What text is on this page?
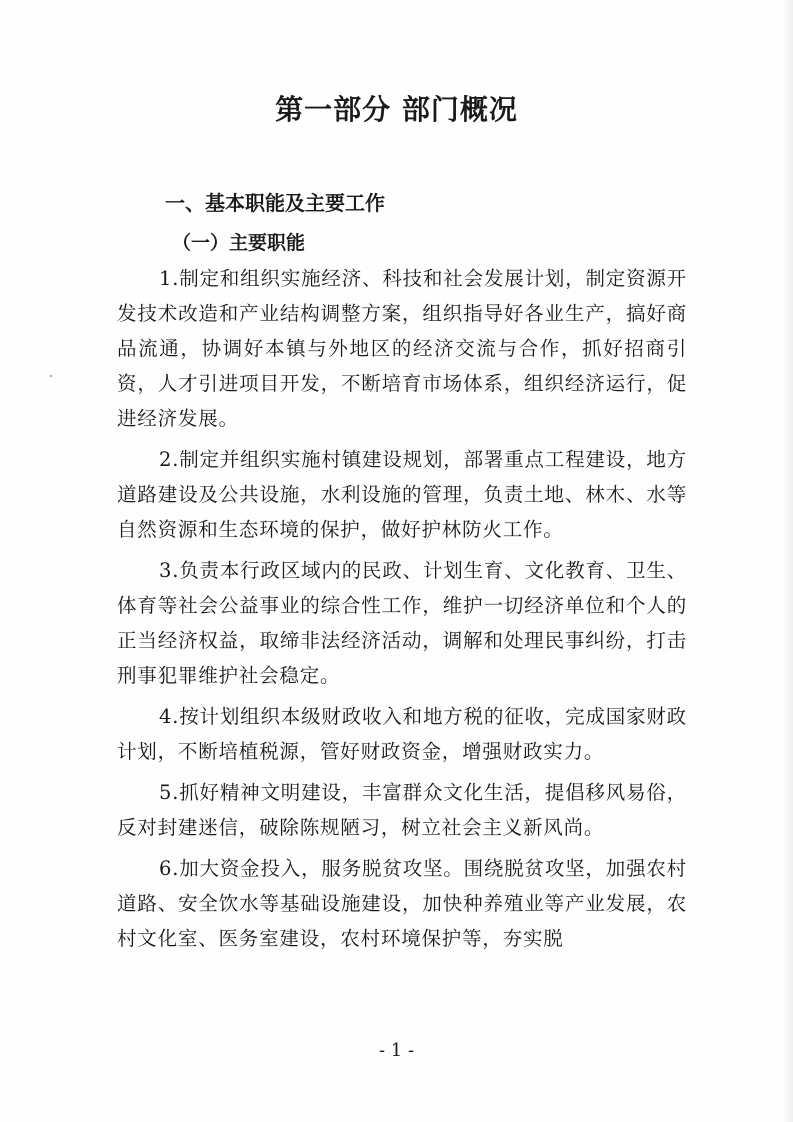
第一部分 部门概况
一、基本职能及主要工作
（一）主要职能

1.制定和组织实施经济、科技和社会发展计划，制定资源开发技术改造和产业结构调整方案，组织指导好各业生产，搞好商品流通，协调好本镇与外地区的经济交流与合作，抓好招商引资，人才引进项目开发，不断培育市场体系，组织经济运行，促进经济发展。

2.制定并组织实施村镇建设规划，部署重点工程建设，地方道路建设及公共设施，水利设施的管理，负责土地、林木、水等自然资源和生态环境的保护，做好护林防火工作。

3.负责本行政区域内的民政、计划生育、文化教育、卫生、体育等社会公益事业的综合性工作，维护一切经济单位和个人的正当经济权益，取缔非法经济活动，调解和处理民事纠纷，打击刑事犯罪维护社会稳定。

4.按计划组织本级财政收入和地方税的征收，完成国家财政计划，不断培植税源，管好财政资金，增强财政实力。

5.抓好精神文明建设，丰富群众文化生活，提倡移风易俗，反对封建迷信，破除陈规陋习，树立社会主义新风尚。

6.加大资金投入，服务脱贫攻坚。围绕脱贫攻坚，加强农村道路、安全饮水等基础设施建设，加快种养殖业等产业发展，农村文化室、医务室建设，农村环境保护等，夯实脱

- 1 -
